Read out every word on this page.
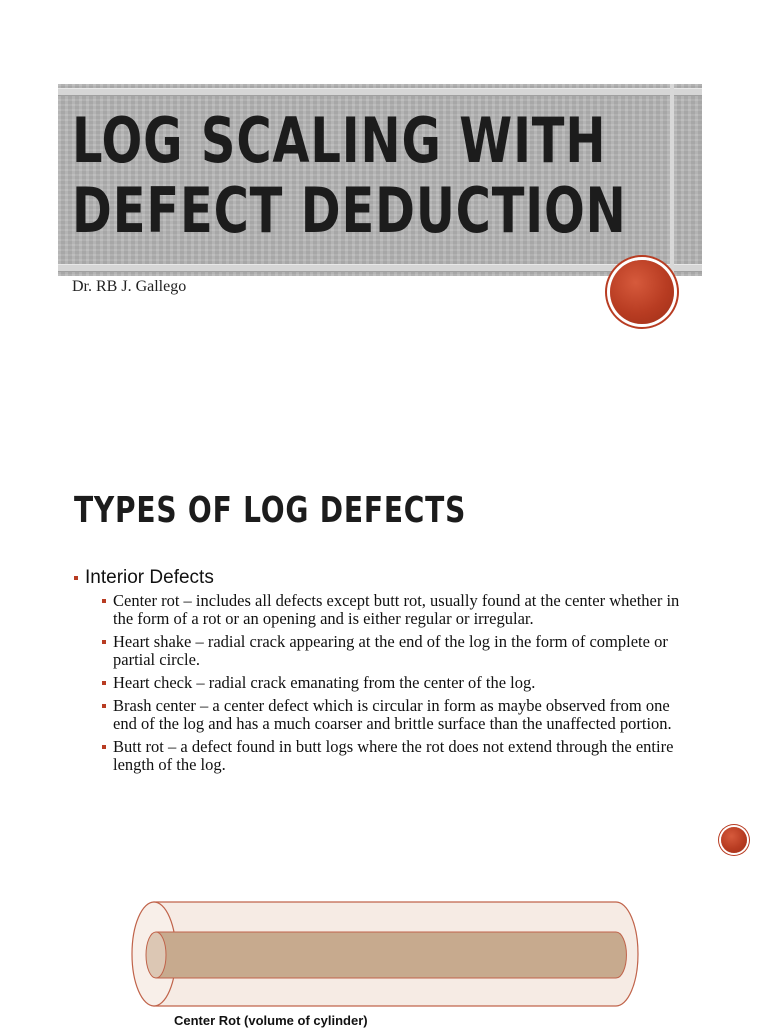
LOG SCALING WITH
DEFECT DEDUCTION

Dr. RB J. Gallego

TYPES OF LOG DEFECTS
Interior Defects
Center rot – includes all defects except butt rot, usually found at the center whether in the form of a rot or an opening and is either regular or irregular.
Heart shake – radial crack appearing at the end of the log in the form of complete or partial circle.
Heart check – radial crack emanating from the center of the log.
Brash center – a center defect which is circular in form as maybe observed from one end of the log and has a much coarser and brittle surface than the unaffected portion.
Butt rot – a defect found in butt logs where the rot does not extend through the entire length of the log.

Center Rot (volume of cylinder)
